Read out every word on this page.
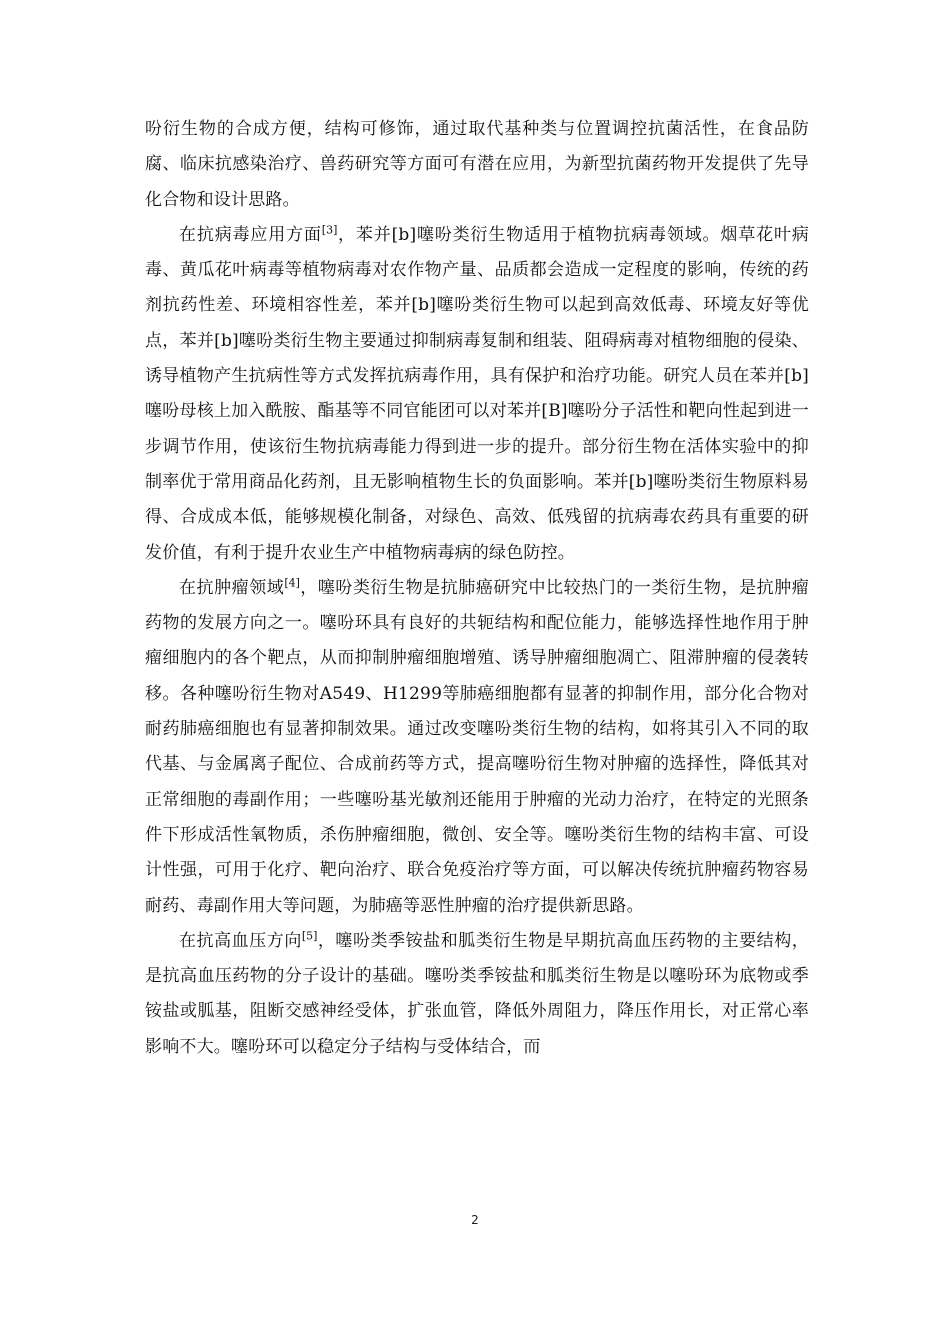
吩衍生物的合成方便，结构可修饰，通过取代基种类与位置调控抗菌活性，在食品防腐、临床抗感染治疗、兽药研究等方面可有潜在应用，为新型抗菌药物开发提供了先导化合物和设计思路。

在抗病毒应用方面[3]，苯并[b]噻吩类衍生物适用于植物抗病毒领域。烟草花叶病毒、黄瓜花叶病毒等植物病毒对农作物产量、品质都会造成一定程度的影响，传统的药剂抗药性差、环境相容性差，苯并[b]噻吩类衍生物可以起到高效低毒、环境友好等优点，苯并[b]噻吩类衍生物主要通过抑制病毒复制和组装、阻碍病毒对植物细胞的侵染、诱导植物产生抗病性等方式发挥抗病毒作用，具有保护和治疗功能。研究人员在苯并[b]噻吩母核上加入酰胺、酯基等不同官能团可以对苯并[B]噻吩分子活性和靶向性起到进一步调节作用，使该衍生物抗病毒能力得到进一步的提升。部分衍生物在活体实验中的抑制率优于常用商品化药剂，且无影响植物生长的负面影响。苯并[b]噻吩类衍生物原料易得、合成成本低，能够规模化制备，对绿色、高效、低残留的抗病毒农药具有重要的研发价值，有利于提升农业生产中植物病毒病的绿色防控。

在抗肿瘤领域[4]，噻吩类衍生物是抗肺癌研究中比较热门的一类衍生物，是抗肿瘤药物的发展方向之一。噻吩环具有良好的共轭结构和配位能力，能够选择性地作用于肿瘤细胞内的各个靶点，从而抑制肿瘤细胞增殖、诱导肿瘤细胞凋亡、阻滞肿瘤的侵袭转移。各种噻吩衍生物对A549、H1299等肺癌细胞都有显著的抑制作用，部分化合物对耐药肺癌细胞也有显著抑制效果。通过改变噻吩类衍生物的结构，如将其引入不同的取代基、与金属离子配位、合成前药等方式，提高噻吩衍生物对肿瘤的选择性，降低其对正常细胞的毒副作用；一些噻吩基光敏剂还能用于肿瘤的光动力治疗，在特定的光照条件下形成活性氧物质，杀伤肿瘤细胞，微创、安全等。噻吩类衍生物的结构丰富、可设计性强，可用于化疗、靶向治疗、联合免疫治疗等方面，可以解决传统抗肿瘤药物容易耐药、毒副作用大等问题，为肺癌等恶性肿瘤的治疗提供新思路。

在抗高血压方向[5]，噻吩类季铵盐和胍类衍生物是早期抗高血压药物的主要结构，是抗高血压药物的分子设计的基础。噻吩类季铵盐和胍类衍生物是以噻吩环为底物或季铵盐或胍基，阻断交感神经受体，扩张血管，降低外周阻力，降压作用长，对正常心率影响不大。噻吩环可以稳定分子结构与受体结合，而

2
